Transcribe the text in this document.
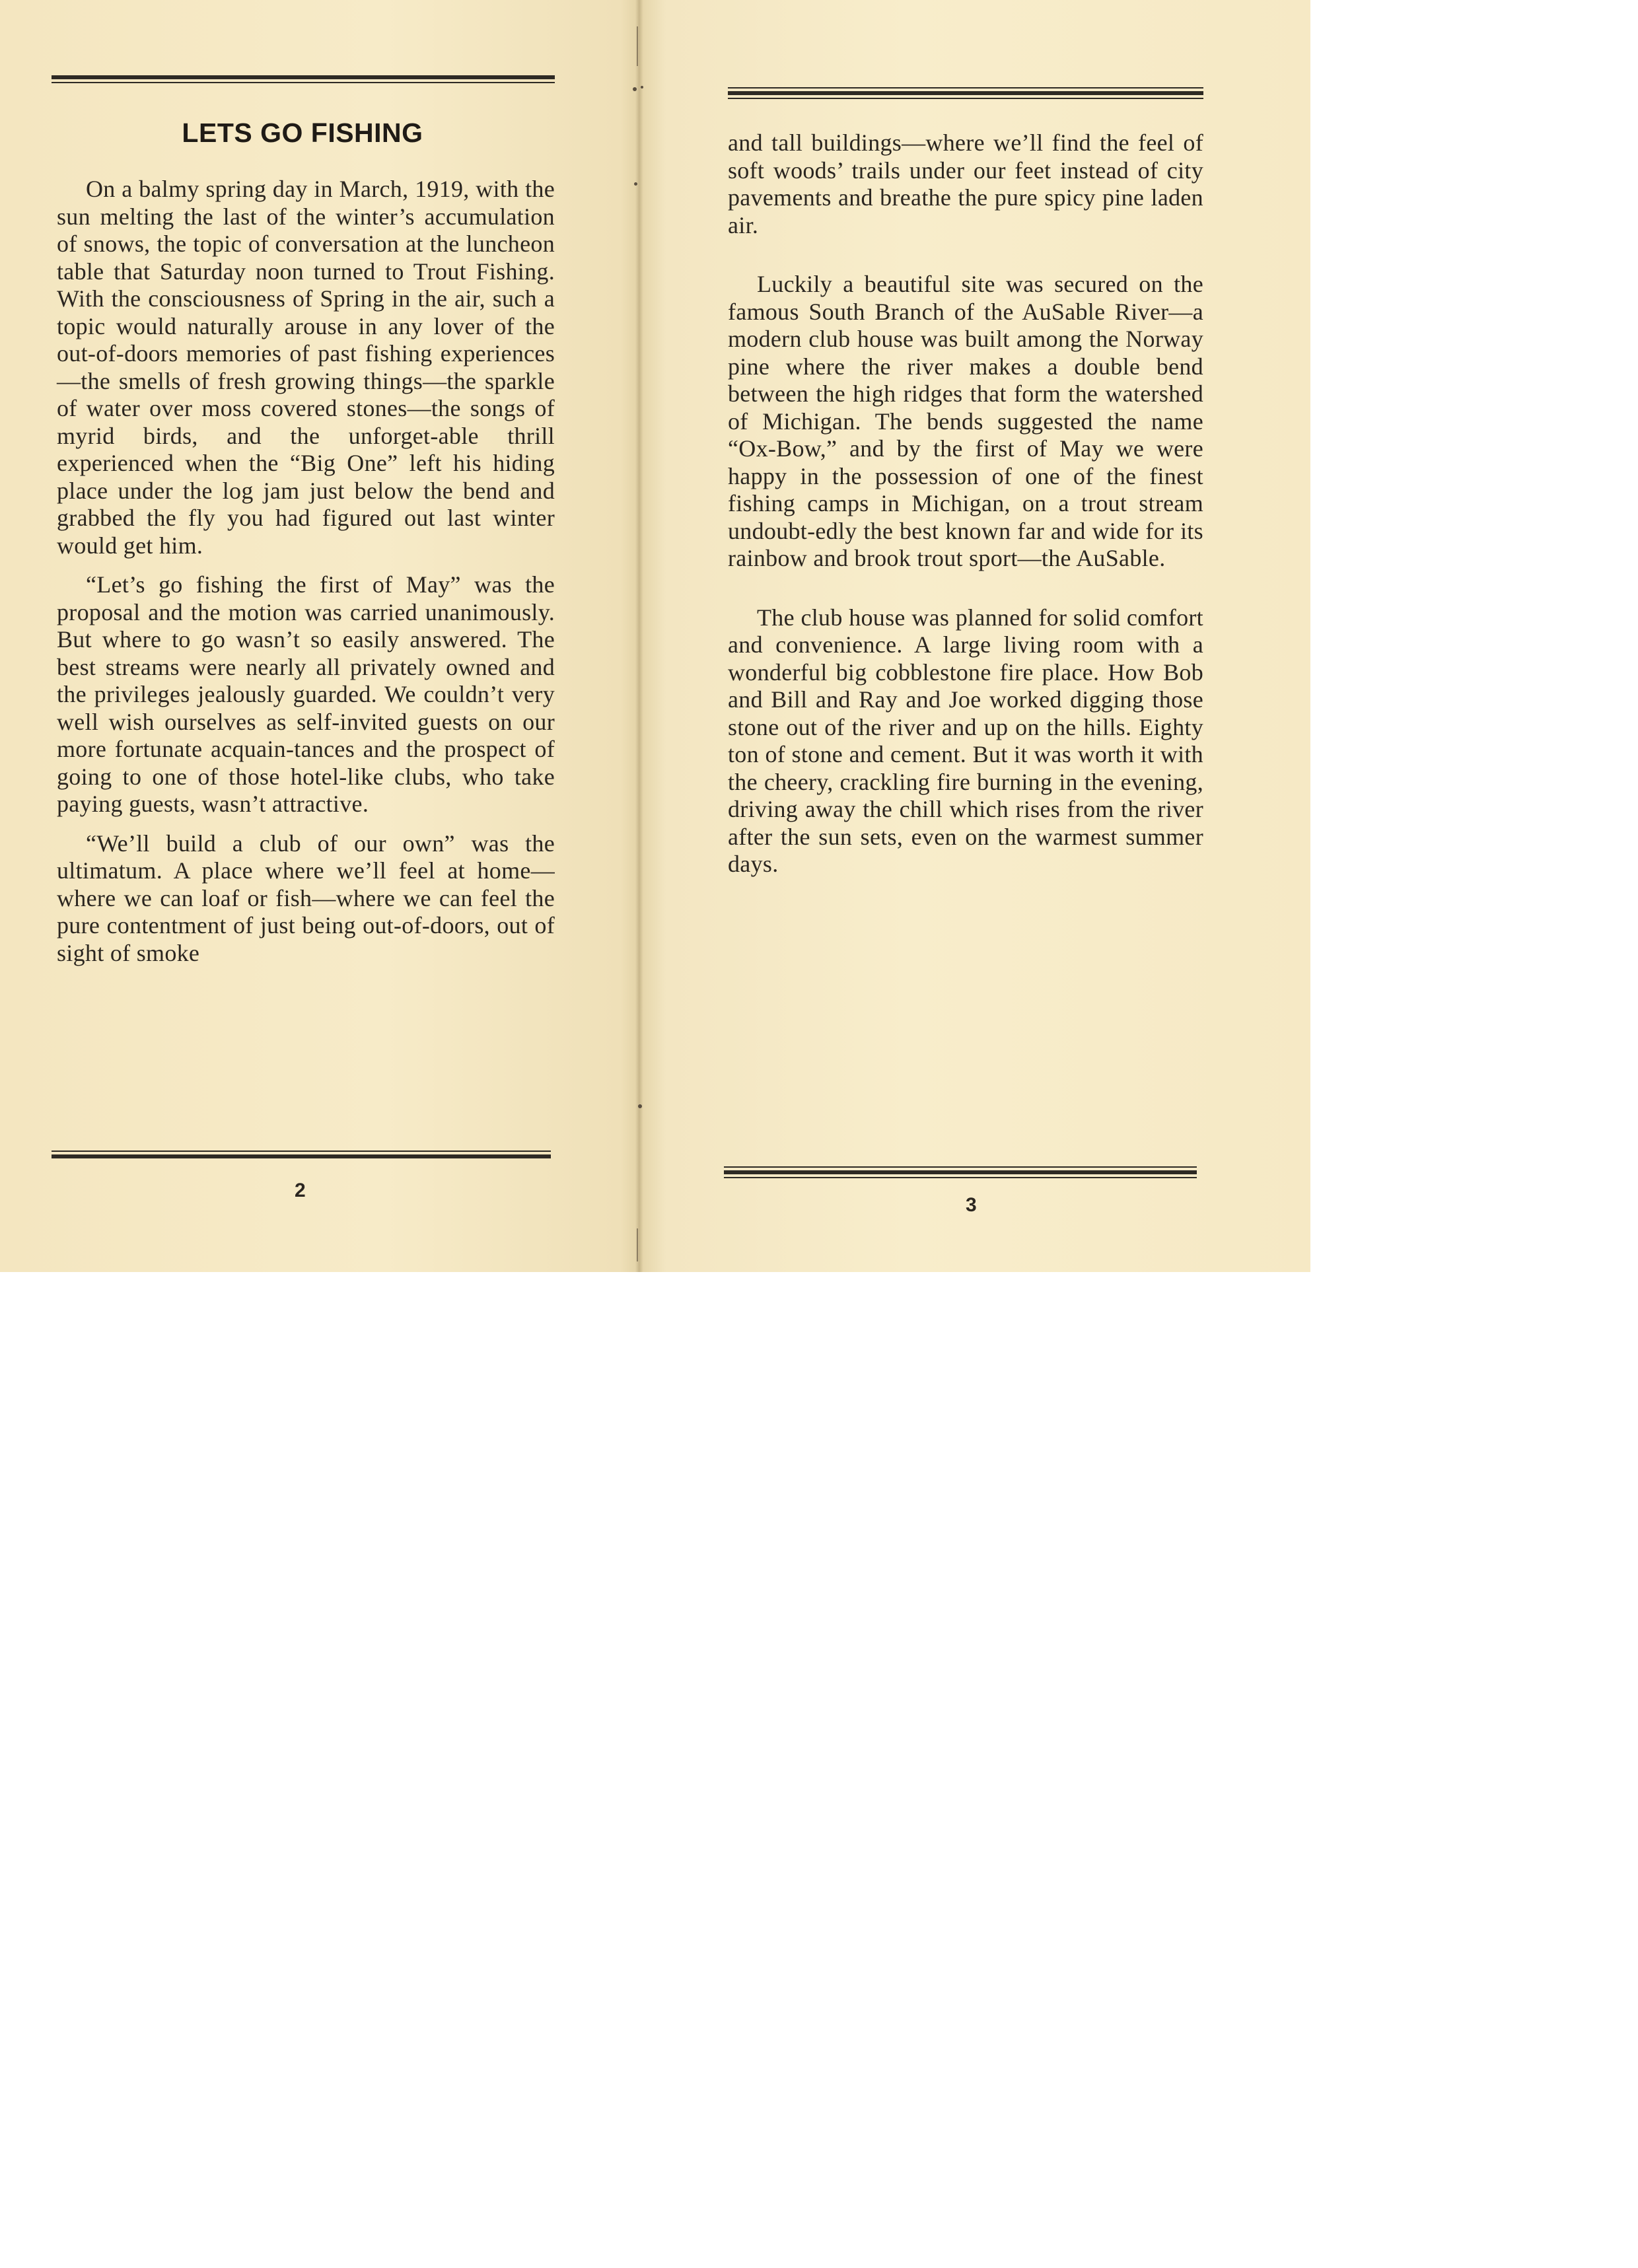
LETS GO FISHING

On a balmy spring day in March, 1919, with the sun melting the last of the winter’s accumulation of snows, the topic of conversation at the luncheon table that Saturday noon turned to Trout Fishing. With the consciousness of Spring in the air, such a topic would naturally arouse in any lover of the out-of-doors memories of past fishing experiences—the smells of fresh growing things—the sparkle of water over moss covered stones—the songs of myrid birds, and the unforget-able thrill experienced when the “Big One” left his hiding place under the log jam just below the bend and grabbed the fly you had figured out last winter would get him.

“Let’s go fishing the first of May” was the proposal and the motion was carried unanimously. But where to go wasn’t so easily answered. The best streams were nearly all privately owned and the privileges jealously guarded. We couldn’t very well wish ourselves as self-invited guests on our more fortunate acquain-tances and the prospect of going to one of those hotel-like clubs, who take paying guests, wasn’t attractive.

“We’ll build a club of our own” was the ultimatum. A place where we’ll feel at home—where we can loaf or fish—where we can feel the pure contentment of just being out-of-doors, out of sight of smoke

2

and tall buildings—where we’ll find the feel of soft woods’ trails under our feet instead of city pavements and breathe the pure spicy pine laden air.

Luckily a beautiful site was secured on the famous South Branch of the AuSable River—a modern club house was built among the Norway pine where the river makes a double bend between the high ridges that form the watershed of Michigan. The bends suggested the name “Ox-Bow,” and by the first of May we were happy in the possession of one of the finest fishing camps in Michigan, on a trout stream undoubt-edly the best known far and wide for its rainbow and brook trout sport—the AuSable.

The club house was planned for solid comfort and convenience. A large living room with a wonderful big cobblestone fire place. How Bob and Bill and Ray and Joe worked digging those stone out of the river and up on the hills. Eighty ton of stone and cement. But it was worth it with the cheery, crackling fire burning in the evening, driving away the chill which rises from the river after the sun sets, even on the warmest summer days.

3
